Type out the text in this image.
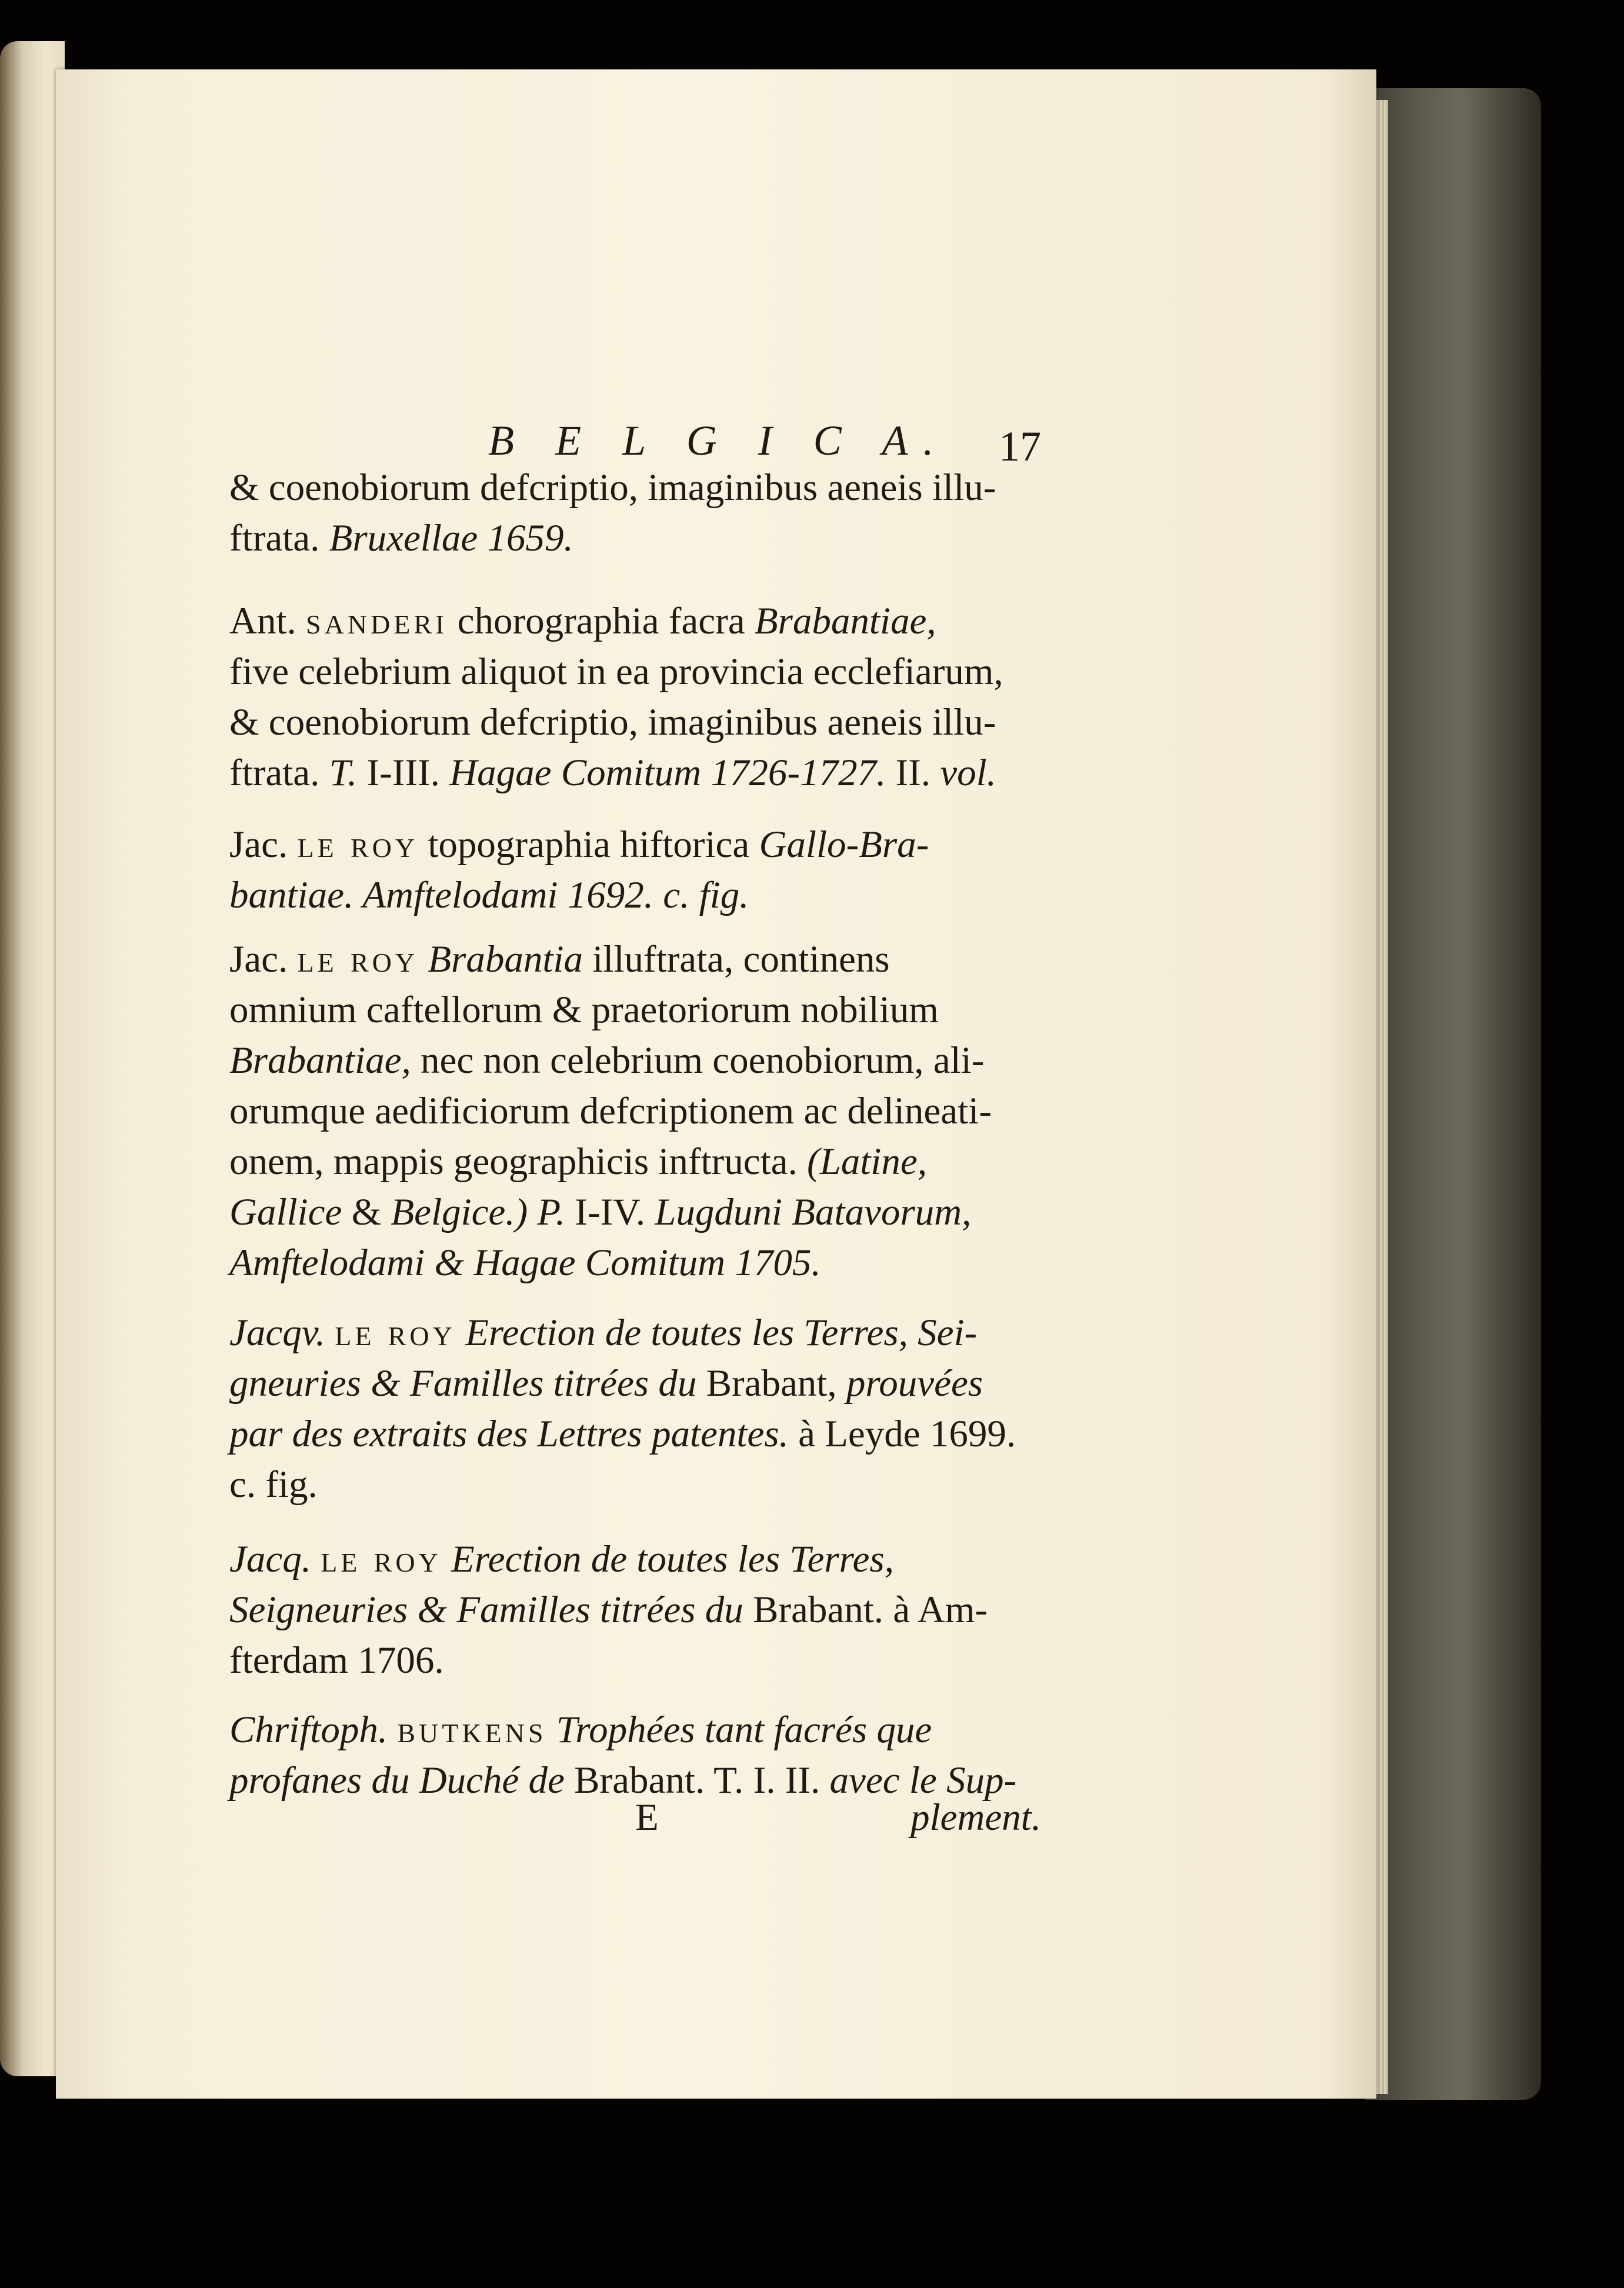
B E L G I C A. 17
& coenobiorum defcriptio, imaginibus aeneis illu-
ftrata. Bruxellae 1659.
Ant. sanderi chorographia facra Brabantiae,
five celebrium aliquot in ea provincia ecclefiarum,
& coenobiorum defcriptio, imaginibus aeneis illu-
ftrata. T. I-III. Hagae Comitum 1726-1727. II. vol.
Jac. le roy topographia hiftorica Gallo-Bra-
bantiae. Amftelodami 1692. c. fig.
Jac. le roy Brabantia illuftrata, continens
omnium caftellorum & praetoriorum nobilium
Brabantiae, nec non celebrium coenobiorum, ali-
orumque aedificiorum defcriptionem ac delineati-
onem, mappis geographicis inftructa. (Latine,
Gallice & Belgice.) P. I-IV. Lugduni Batavorum,
Amftelodami & Hagae Comitum 1705.
Jacqv. le roy Erection de toutes les Terres, Sei-
gneuries & Familles titrées du Brabant, prouvées
par des extraits des Lettres patentes. à Leyde 1699.
c. fig.
Jacq. le roy Erection de toutes les Terres,
Seigneuries & Familles titrées du Brabant. à Am-
fterdam 1706.
Chriftoph. butkens Trophées tant facrés que
profanes du Duché de Brabant. T. I. II. avec le Sup-
E	plement.
